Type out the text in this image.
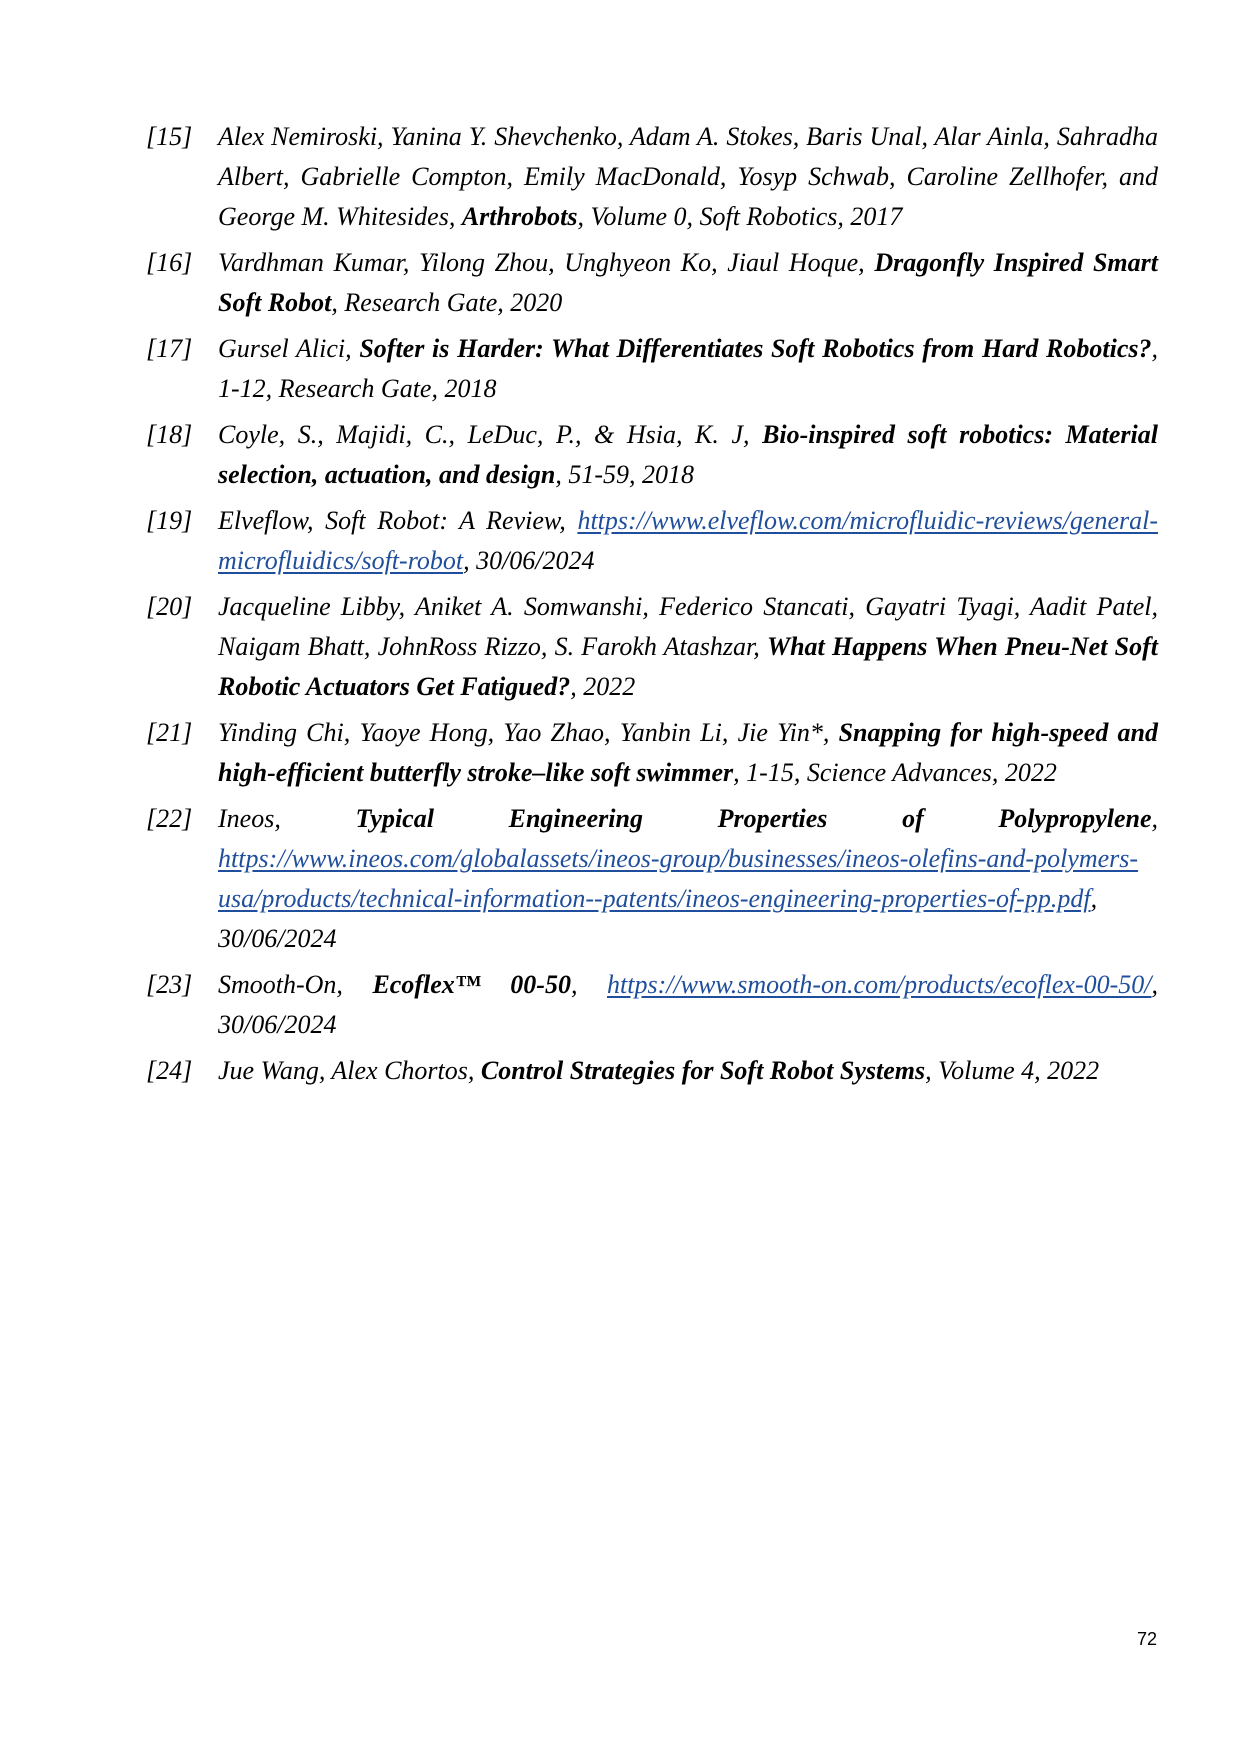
[15] Alex Nemiroski, Yanina Y. Shevchenko, Adam A. Stokes, Baris Unal, Alar Ainla, Sahradha Albert, Gabrielle Compton, Emily MacDonald, Yosyp Schwab, Caroline Zellhofer, and George M. Whitesides, Arthrobots, Volume 0, Soft Robotics, 2017
[16] Vardhman Kumar, Yilong Zhou, Unghyeon Ko, Jiaul Hoque, Dragonfly Inspired Smart Soft Robot, Research Gate, 2020
[17] Gursel Alici, Softer is Harder: What Differentiates Soft Robotics from Hard Robotics?, 1-12, Research Gate, 2018
[18] Coyle, S., Majidi, C., LeDuc, P., & Hsia, K. J, Bio-inspired soft robotics: Material selection, actuation, and design, 51-59, 2018
[19] Elveflow, Soft Robot: A Review, https://www.elveflow.com/microfluidic-reviews/general-microfluidics/soft-robot, 30/06/2024
[20] Jacqueline Libby, Aniket A. Somwanshi, Federico Stancati, Gayatri Tyagi, Aadit Patel, Naigam Bhatt, JohnRoss Rizzo, S. Farokh Atashzar, What Happens When Pneu-Net Soft Robotic Actuators Get Fatigued?, 2022
[21] Yinding Chi, Yaoye Hong, Yao Zhao, Yanbin Li, Jie Yin*, Snapping for high-speed and high-efficient butterfly stroke–like soft swimmer, 1-15, Science Advances, 2022
[22] Ineos, Typical Engineering Properties of Polypropylene, https://www.ineos.com/globalassets/ineos-group/businesses/ineos-olefins-and-polymers-usa/products/technical-information--patents/ineos-engineering-properties-of-pp.pdf, 30/06/2024
[23] Smooth-On, Ecoflex™ 00-50, https://www.smooth-on.com/products/ecoflex-00-50/, 30/06/2024
[24] Jue Wang, Alex Chortos, Control Strategies for Soft Robot Systems, Volume 4, 2022
72
